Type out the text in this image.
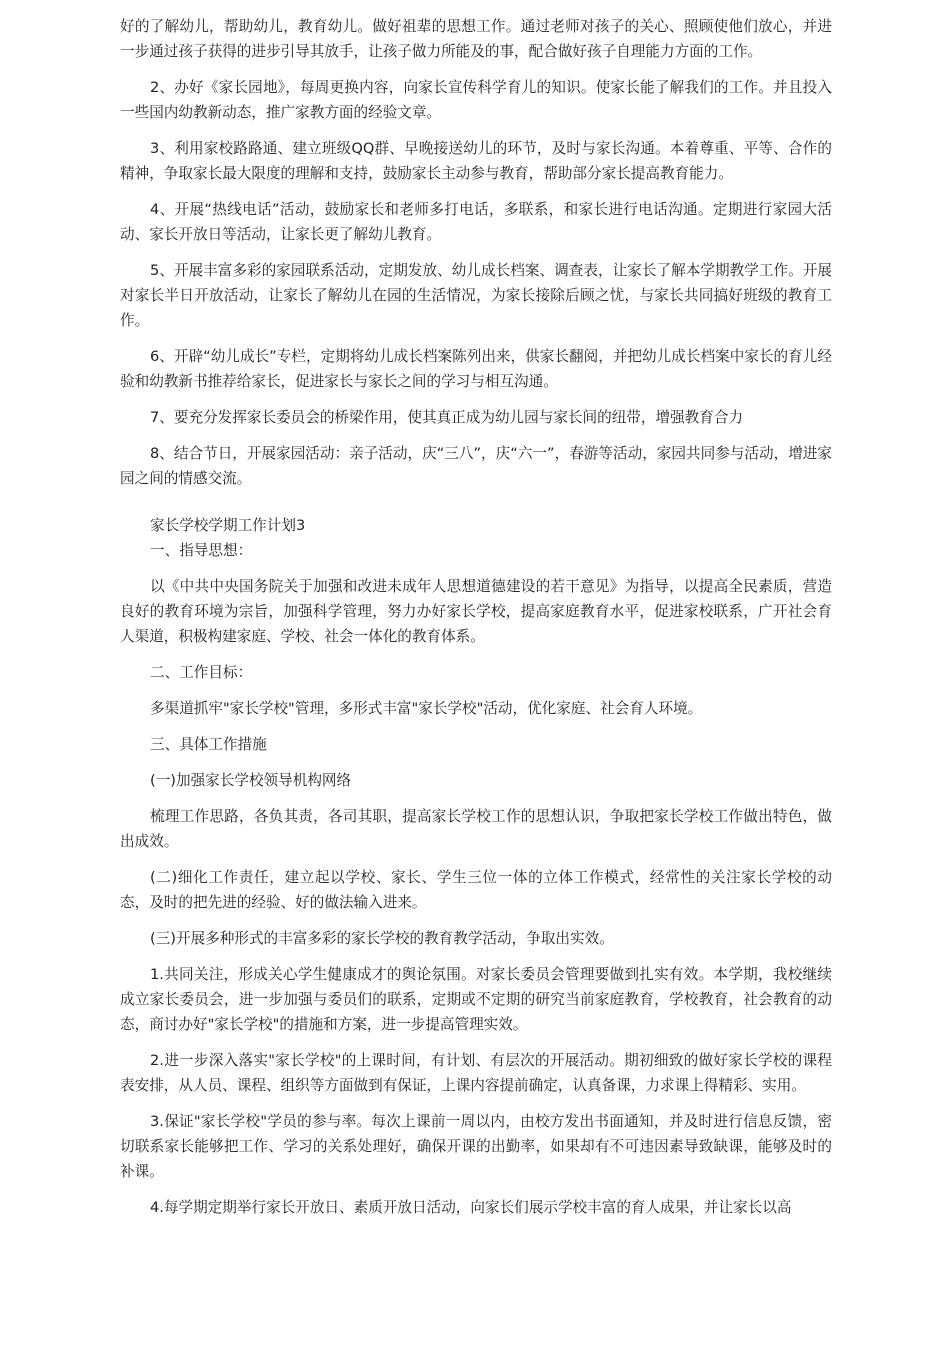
好的了解幼儿，帮助幼儿，教育幼儿。做好祖辈的思想工作。通过老师对孩子的关心、照顾使他们放心，并进一步通过孩子获得的进步引导其放手，让孩子做力所能及的事，配合做好孩子自理能力方面的工作。

2、办好《家长园地》，每周更换内容，向家长宣传科学育儿的知识。使家长能了解我们的工作。并且投入一些国内幼教新动态，推广家教方面的经验文章。

3、利用家校路路通、建立班级QQ群、早晚接送幼儿的环节，及时与家长沟通。本着尊重、平等、合作的精神，争取家长最大限度的理解和支持，鼓励家长主动参与教育，帮助部分家长提高教育能力。

4、开展“热线电话”活动，鼓励家长和老师多打电话，多联系，和家长进行电话沟通。定期进行家园大活动、家长开放日等活动，让家长更了解幼儿教育。

5、开展丰富多彩的家园联系活动，定期发放、幼儿成长档案、调查表，让家长了解本学期教学工作。开展对家长半日开放活动，让家长了解幼儿在园的生活情况，为家长接除后顾之忧，与家长共同搞好班级的教育工作。

6、开辟“幼儿成长”专栏，定期将幼儿成长档案陈列出来，供家长翻阅，并把幼儿成长档案中家长的育儿经验和幼教新书推荐给家长，促进家长与家长之间的学习与相互沟通。

7、要充分发挥家长委员会的桥梁作用，使其真正成为幼儿园与家长间的纽带，增强教育合力

8、结合节日，开展家园活动：亲子活动，庆“三八”，庆“六一”，春游等活动，家园共同参与活动，增进家园之间的情感交流。

家长学校学期工作计划3

一、指导思想：

以《中共中央国务院关于加强和改进未成年人思想道德建设的若干意见》为指导，以提高全民素质，营造良好的教育环境为宗旨，加强科学管理，努力办好家长学校，提高家庭教育水平，促进家校联系，广开社会育人渠道，积极构建家庭、学校、社会一体化的教育体系。

二、工作目标：

多渠道抓牢"家长学校"管理，多形式丰富"家长学校"活动，优化家庭、社会育人环境。

三、具体工作措施

(一)加强家长学校领导机构网络

梳理工作思路，各负其责，各司其职，提高家长学校工作的思想认识，争取把家长学校工作做出特色，做出成效。

(二)细化工作责任，建立起以学校、家长、学生三位一体的立体工作模式，经常性的关注家长学校的动态，及时的把先进的经验、好的做法输入进来。

(三)开展多种形式的丰富多彩的家长学校的教育教学活动，争取出实效。

1.共同关注，形成关心学生健康成才的舆论氛围。对家长委员会管理要做到扎实有效。本学期，我校继续成立家长委员会，进一步加强与委员们的联系，定期或不定期的研究当前家庭教育，学校教育，社会教育的动态，商讨办好"家长学校"的措施和方案，进一步提高管理实效。

2.进一步深入落实"家长学校"的上课时间，有计划、有层次的开展活动。期初细致的做好家长学校的课程表安排，从人员、课程、组织等方面做到有保证，上课内容提前确定，认真备课，力求课上得精彩、实用。

3.保证"家长学校"学员的参与率。每次上课前一周以内，由校方发出书面通知，并及时进行信息反馈，密切联系家长能够把工作、学习的关系处理好，确保开课的出勤率，如果却有不可违因素导致缺课，能够及时的补课。

4.每学期定期举行家长开放日、素质开放日活动，向家长们展示学校丰富的育人成果，并让家长以高
